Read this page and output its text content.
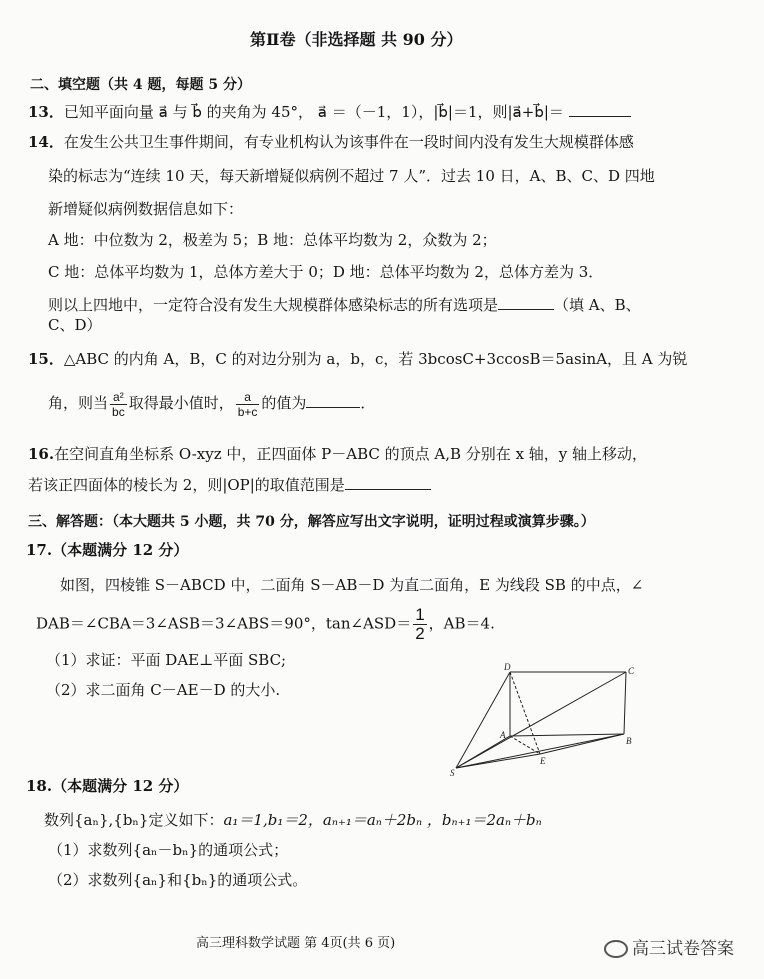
第Ⅱ卷（非选择题 共 90 分）
二、填空题（共 4 题，每题 5 分）
13．已知平面向量 a⃗ 与 b⃗ 的夹角为 45°， a⃗ ＝（－1，1），|b⃗|＝1，则|a⃗+b⃗|＝
14．在发生公共卫生事件期间，有专业机构认为该事件在一段时间内没有发生大规模群体感
染的标志为“连续 10 天，每天新增疑似病例不超过 7 人”．过去 10 日，A、B、C、D 四地
新增疑似病例数据信息如下：
A 地：中位数为 2，极差为 5；B 地：总体平均数为 2，众数为 2；
C 地：总体平均数为 1，总体方差大于 0；D 地：总体平均数为 2，总体方差为 3．
则以上四地中，一定符合没有发生大规模群体感染标志的所有选项是	（填 A、B、
C、D）
15．△ABC 的内角 A，B，C 的对边分别为 a，b，c，若 3bcosC+3ccosB＝5asinA，且 A 为锐
角，则当 $\frac{\text{a²}}{bc}$ 取得最小值时， $\frac{a}{b+c}$ 的值为	．
16.在空间直角坐标系 O-xyz 中，正四面体 P－ABC 的顶点 A,B 分别在 x 轴，y 轴上移动，
若该正四面体的棱长为 2，则|OP|的取值范围是
三、解答题：（本大题共 5 小题，共 70 分，解答应写出文字说明，证明过程或演算步骤。）
17.（本题满分 12 分）
如图，四棱锥 S－ABCD 中，二面角 S－AB－D 为直二面角，E 为线段 SB 的中点，∠
DAB＝∠CBA＝3∠ASB＝3∠ABS＝90°，tan∠ASD＝ $\frac{1}{2}$ ，AB＝4.
（1）求证：平面 DAE⊥平面 SBC;
（2）求二面角 C－AE－D 的大小.
D	C
A
B
E
S
18.（本题满分 12 分）
数列{aₙ},{bₙ}定义如下：a₁＝1,b₁＝2，aₙ₊₁＝aₙ＋2bₙ ，bₙ₊₁＝2aₙ＋bₙ
（1）求数列{aₙ－bₙ}的通项公式；
（2）求数列{aₙ}和{bₙ}的通项公式。
高三理科数学试题 第 4页(共 6 页)	高三试卷答案
